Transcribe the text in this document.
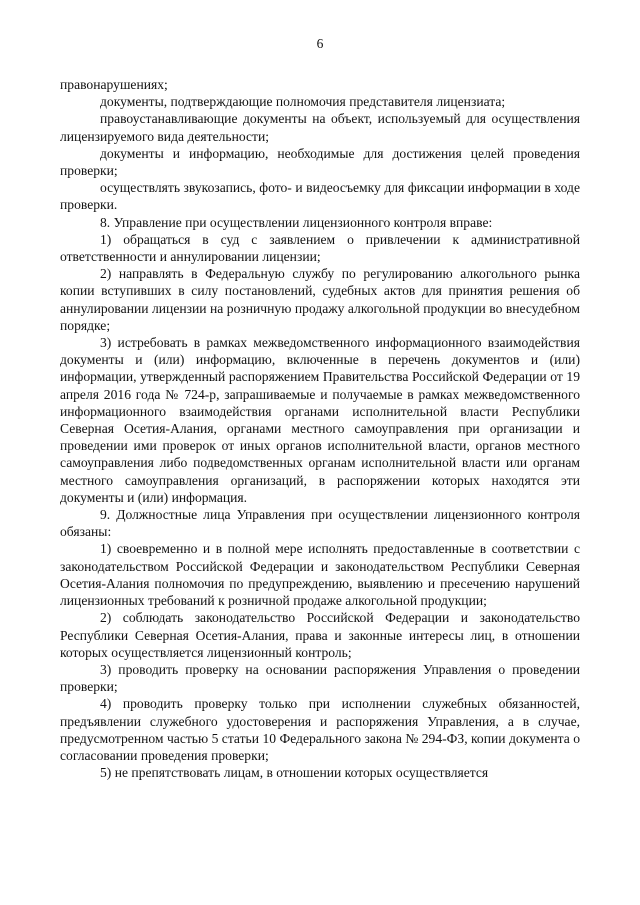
6

правонарушениях;

документы, подтверждающие полномочия представителя лицензиата;

правоустанавливающие документы на объект, используемый для осуществления лицензируемого вида деятельности;

документы и информацию, необходимые для достижения целей проведения проверки;

осуществлять звукозапись, фото- и видеосъемку для фиксации информации в ходе проверки.

8. Управление при осуществлении лицензионного контроля вправе:

1) обращаться в суд с заявлением о привлечении к административной ответственности и аннулировании лицензии;

2) направлять в Федеральную службу по регулированию алкогольного рынка копии вступивших в силу постановлений, судебных актов для принятия решения об аннулировании лицензии на розничную продажу алкогольной продукции во внесудебном порядке;

3) истребовать в рамках межведомственного информационного взаимодействия документы и (или) информацию, включенные в перечень документов и (или) информации, утвержденный распоряжением Правительства Российской Федерации от 19 апреля 2016 года № 724-р, запрашиваемые и получаемые в рамках межведомственного информационного взаимодействия органами исполнительной власти Республики Северная Осетия-Алания, органами местного самоуправления при организации и проведении ими проверок от иных органов исполнительной власти, органов местного самоуправления либо подведомственных органам исполнительной власти или органам местного самоуправления организаций, в распоряжении которых находятся эти документы и (или) информация.

9. Должностные лица Управления при осуществлении лицензионного контроля обязаны:

1) своевременно и в полной мере исполнять предоставленные в соответствии с законодательством Российской Федерации и законодательством Республики Северная Осетия-Алания полномочия по предупреждению, выявлению и пресечению нарушений лицензионных требований к розничной продаже алкогольной продукции;

2) соблюдать законодательство Российской Федерации и законодательство Республики Северная Осетия-Алания, права и законные интересы лиц, в отношении которых осуществляется лицензионный контроль;

3) проводить проверку на основании распоряжения Управления о проведении проверки;

4) проводить проверку только при исполнении служебных обязанностей, предъявлении служебного удостоверения и распоряжения Управления, а в случае, предусмотренном частью 5 статьи 10 Федерального закона № 294-ФЗ, копии документа о согласовании проведения проверки;

5) не препятствовать лицам, в отношении которых осуществляется
